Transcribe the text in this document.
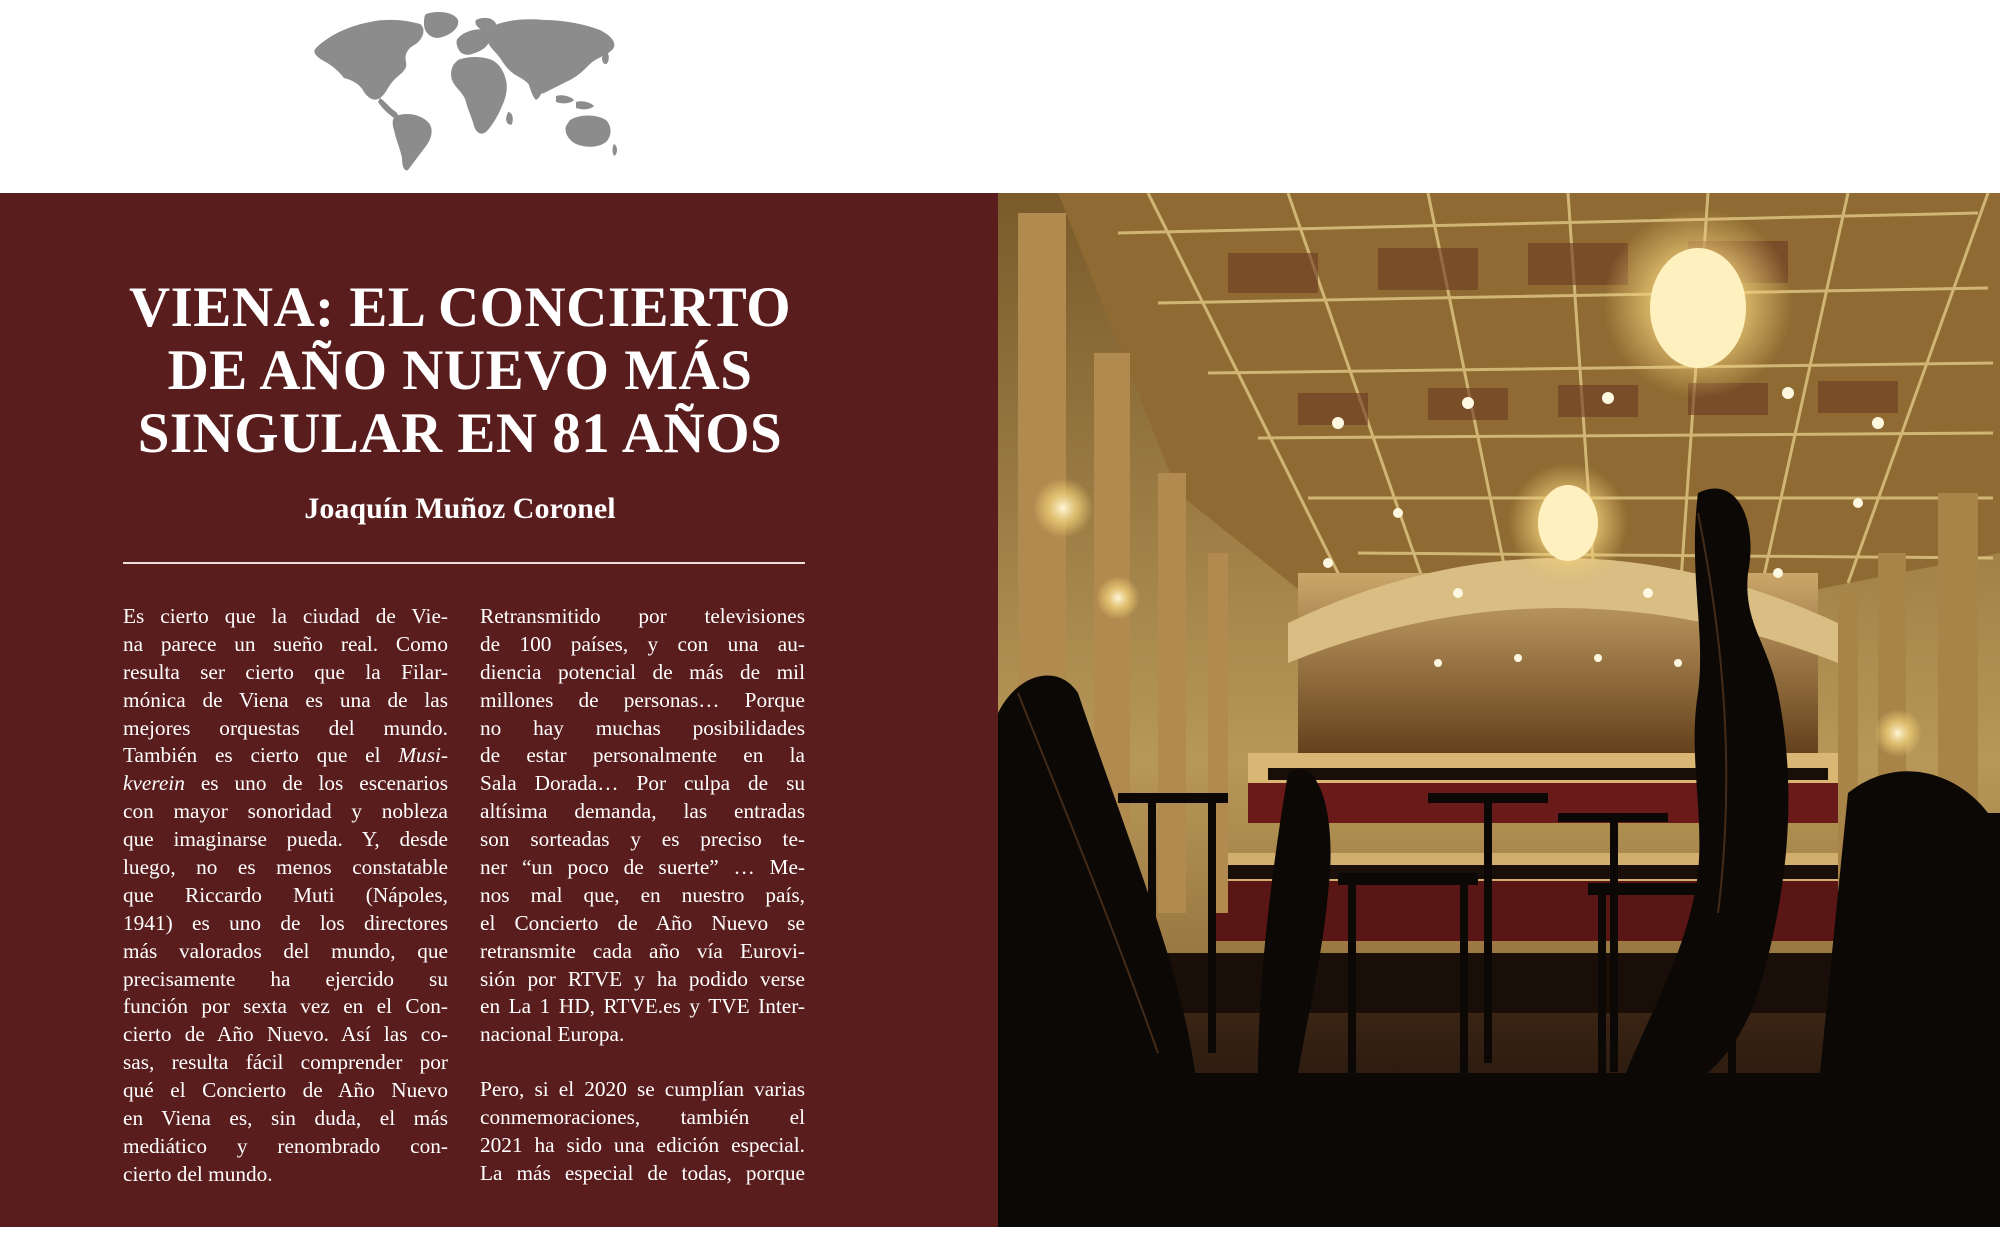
VIENA: EL CONCIERTO
DE AÑO NUEVO MÁS
SINGULAR EN 81 AÑOS
Joaquín Muñoz Coronel

Es cierto que la ciudad de Vie-
na parece un sueño real. Como
resulta ser cierto que la Filar-
mónica de Viena es una de las
mejores orquestas del mundo.
También es cierto que el Musi-
kverein es uno de los escenarios
con mayor sonoridad y nobleza
que imaginarse pueda. Y, desde
luego, no es menos constatable
que Riccardo Muti (Nápoles,
1941) es uno de los directores
más valorados del mundo, que
precisamente ha ejercido su
función por sexta vez en el Con-
cierto de Año Nuevo. Así las co-
sas, resulta fácil comprender por
qué el Concierto de Año Nuevo
en Viena es, sin duda, el más
mediático y renombrado con-
cierto del mundo.

Retransmitido por televisiones
de 100 países, y con una au-
diencia potencial de más de mil
millones de personas… Porque
no hay muchas posibilidades
de estar personalmente en la
Sala Dorada… Por culpa de su
altísima demanda, las entradas
son sorteadas y es preciso te-
ner “un poco de suerte” … Me-
nos mal que, en nuestro país,
el Concierto de Año Nuevo se
retransmite cada año vía Eurovi-
sión por RTVE y ha podido verse
en La 1 HD, RTVE.es y TVE Inter-
nacional Europa.

Pero, si el 2020 se cumplían varias
conmemoraciones, también el
2021 ha sido una edición especial.
La más especial de todas, porque
